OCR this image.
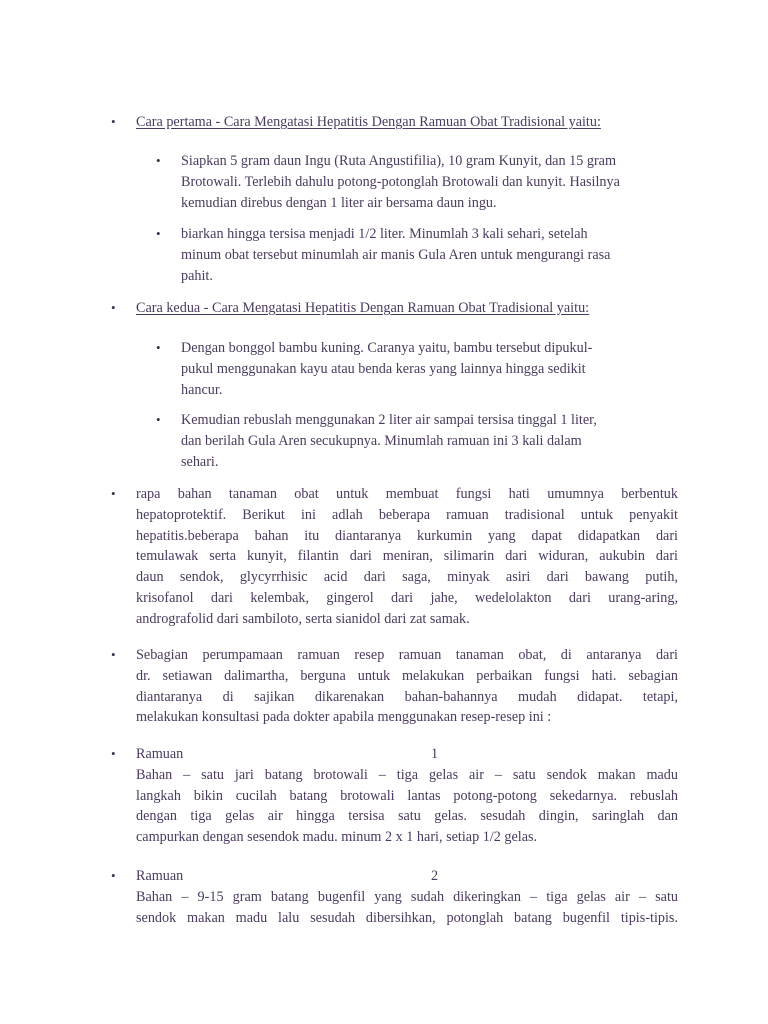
• Cara pertama - Cara Mengatasi Hepatitis Dengan Ramuan Obat Tradisional yaitu:
• Siapkan 5 gram daun Ingu (Ruta Angustifilia), 10 gram Kunyit, dan 15 gram
Brotowali. Terlebih dahulu potong-potonglah Brotowali dan kunyit. Hasilnya
kemudian direbus dengan 1 liter air bersama daun ingu.
• biarkan hingga tersisa menjadi 1/2 liter. Minumlah 3 kali sehari, setelah
minum obat tersebut minumlah air manis Gula Aren untuk mengurangi rasa
pahit.
• Cara kedua - Cara Mengatasi Hepatitis Dengan Ramuan Obat Tradisional yaitu:
• Dengan bonggol bambu kuning. Caranya yaitu, bambu tersebut dipukul-
pukul menggunakan kayu atau benda keras yang lainnya hingga sedikit
hancur.
• Kemudian rebuslah menggunakan 2 liter air sampai tersisa tinggal 1 liter,
dan berilah Gula Aren secukupnya. Minumlah ramuan ini 3 kali dalam
sehari.
• rapa bahan tanaman obat untuk membuat fungsi hati umumnya berbentuk
hepatoprotektif. Berikut ini adlah beberapa ramuan tradisional untuk penyakit
hepatitis.beberapa bahan itu diantaranya kurkumin yang dapat didapatkan dari
temulawak serta kunyit, filantin dari meniran, silimarin dari widuran, aukubin dari
daun sendok, glycyrrhisic acid dari saga, minyak asiri dari bawang putih,
krisofanol dari kelembak, gingerol dari jahe, wedelolakton dari urang-aring,
andrografolid dari sambiloto, serta sianidol dari zat samak.
• Sebagian perumpamaan ramuan resep ramuan tanaman obat, di antaranya dari
dr. setiawan dalimartha, berguna untuk melakukan perbaikan fungsi hati. sebagian
diantaranya di sajikan dikarenakan bahan-bahannya mudah didapat. tetapi,
melakukan konsultasi pada dokter apabila menggunakan resep-resep ini :
• Ramuan	1
Bahan – satu jari batang brotowali – tiga gelas air – satu sendok makan madu
langkah bikin cucilah batang brotowali lantas potong-potong sekedarnya. rebuslah
dengan tiga gelas air hingga tersisa satu gelas. sesudah dingin, saringlah dan
campurkan dengan sesendok madu. minum 2 x 1 hari, setiap 1/2 gelas.
• Ramuan	2
Bahan – 9-15 gram batang bugenfil yang sudah dikeringkan – tiga gelas air – satu
sendok makan madu lalu sesudah dibersihkan, potonglah batang bugenfil tipis-tipis.
